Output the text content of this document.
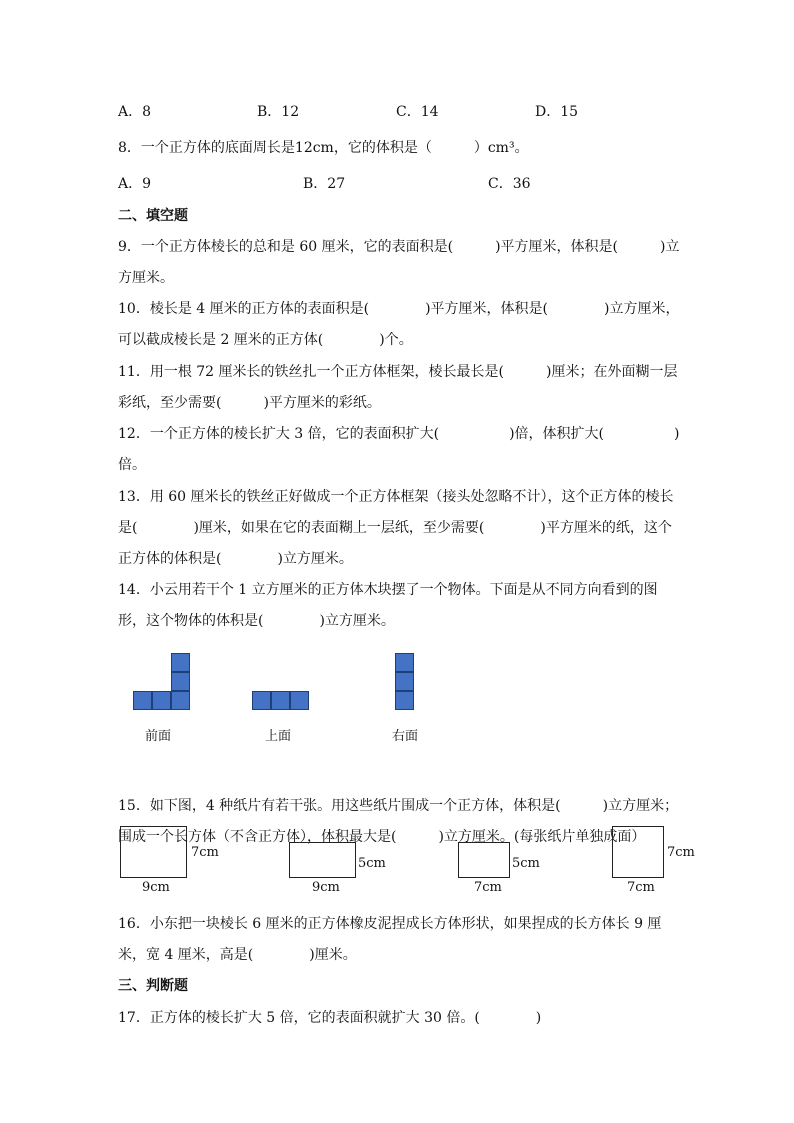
A．8	B．12	C．14	D．15
8．一个正方体的底面周长是12cm，它的体积是（　　　）cm³。
A．9	B．27	C．36
二、填空题
9．一个正方体棱长的总和是 60 厘米，它的表面积是(　　　)平方厘米，体积是(　　　)立
方厘米。
10．棱长是 4 厘米的正方体的表面积是(　　　　)平方厘米，体积是(　　　　)立方厘米，
可以截成棱长是 2 厘米的正方体(　　　　)个。
11．用一根 72 厘米长的铁丝扎一个正方体框架，棱长最长是(　　　)厘米；在外面糊一层
彩纸，至少需要(　　　)平方厘米的彩纸。
12．一个正方体的棱长扩大 3 倍，它的表面积扩大(　　　　　)倍，体积扩大(　　　　　)
倍。
13．用 60 厘米长的铁丝正好做成一个正方体框架（接头处忽略不计），这个正方体的棱长
是(　　　　)厘米，如果在它的表面糊上一层纸，至少需要(　　　　)平方厘米的纸，这个
正方体的体积是(　　　　)立方厘米。
14．小云用若干个 1 立方厘米的正方体木块摆了一个物体。下面是从不同方向看到的图
形，这个物体的体积是(　　　　)立方厘米。
前面	上面	右面
15．如下图，4 种纸片有若干张。用这些纸片围成一个正方体，体积是(　　　)立方厘米；
围成一个长方体（不含正方体），体积最大是(　　　)立方厘米。(每张纸片单独成面）
7cm
9cm
5cm
9cm
5cm
7cm
7cm
7cm
16．小东把一块棱长 6 厘米的正方体橡皮泥捏成长方体形状，如果捏成的长方体长 9 厘
米，宽 4 厘米，高是(　　　　)厘米。
三、判断题
17．正方体的棱长扩大 5 倍，它的表面积就扩大 30 倍。(　　　　)
